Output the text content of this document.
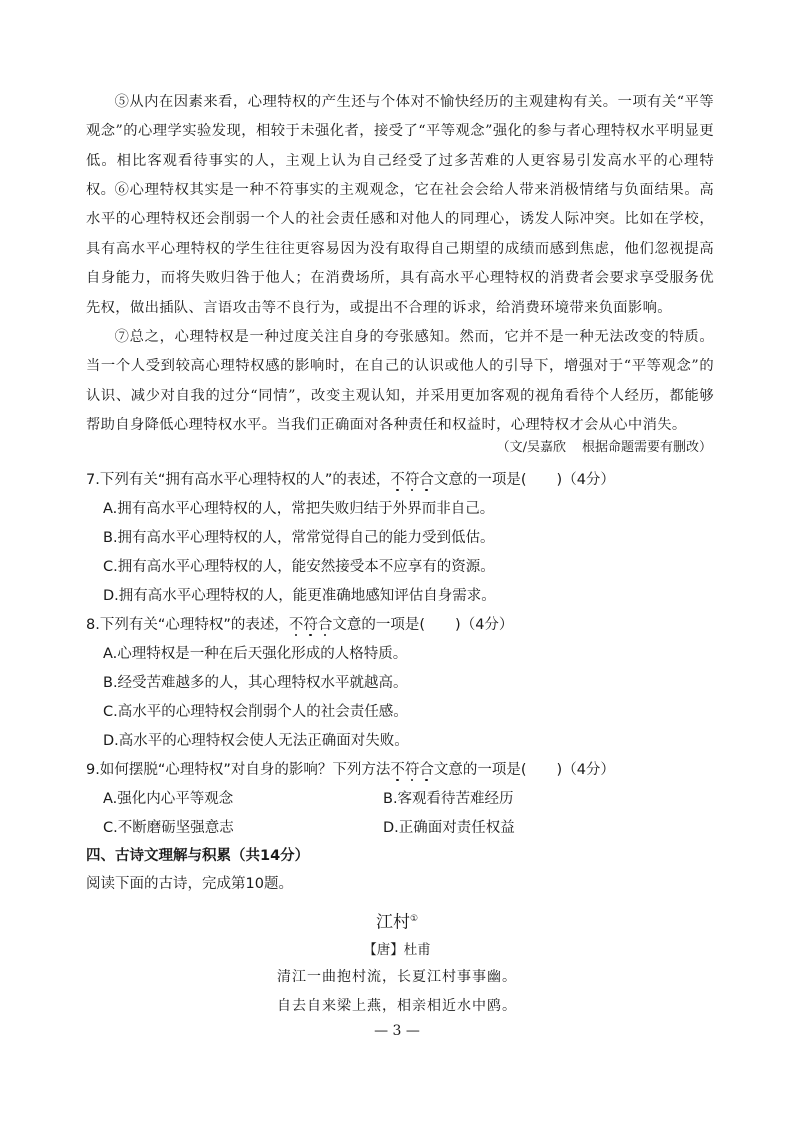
⑤从内在因素来看，心理特权的产生还与个体对不愉快经历的主观建构有关。一项有关“平等观念”的心理学实验发现，相较于未强化者，接受了“平等观念”强化的参与者心理特权水平明显更低。相比客观看待事实的人，主观上认为自己经受了过多苦难的人更容易引发高水平的心理特权。 ⑥心理特权其实是一种不符事实的主观观念，它在社会会给人带来消极情绪与负面结果。高水平的心理特权还会削弱一个人的社会责任感和对他人的同理心，诱发人际冲突。比如在学校，具有高水平心理特权的学生往往更容易因为没有取得自己期望的成绩而感到焦虑，他们忽视提高自身能力，而将失败归咎于他人；在消费场所，具有高水平心理特权的消费者会要求享受服务优先权，做出插队、言语攻击等不良行为，或提出不合理的诉求，给消费环境带来负面影响。

⑦总之，心理特权是一种过度关注自身的夸张感知。然而，它并不是一种无法改变的特质。当一个人受到较高心理特权感的影响时，在自己的认识或他人的引导下，增强对于“平等观念”的认识、减少对自我的过分“同情”，改变主观认知，并采用更加客观的视角看待个人经历，都能够帮助自身降低心理特权水平。当我们正确面对各种责任和权益时，心理特权才会从心中消失。

（文/吴嘉欣 根据命题需要有删改）

7.下列有关“拥有高水平心理特权的人”的表述，不符合文意的一项是( )（4分）

A.拥有高水平心理特权的人，常把失败归结于外界而非自己。

B.拥有高水平心理特权的人，常常觉得自己的能力受到低估。

C.拥有高水平心理特权的人，能安然接受本不应享有的资源。

D.拥有高水平心理特权的人，能更准确地感知评估自身需求。

8.下列有关“心理特权”的表述，不符合文意的一项是( )（4分）

A.心理特权是一种在后天强化形成的人格特质。

B.经受苦难越多的人，其心理特权水平就越高。

C.高水平的心理特权会削弱个人的社会责任感。

D.高水平的心理特权会使人无法正确面对失败。

9.如何摆脱“心理特权”对自身的影响？下列方法不符合文意的一项是( )（4分）

A.强化内心平等观念	B.客观看待苦难经历

C.不断磨砺坚强意志	D.正确面对责任权益

四、古诗文理解与积累（共14分）

阅读下面的古诗，完成第10题。

江村①

【唐】杜甫

清江一曲抱村流，长夏江村事事幽。

自去自来梁上燕，相亲相近水中鸥。

— 3 —
